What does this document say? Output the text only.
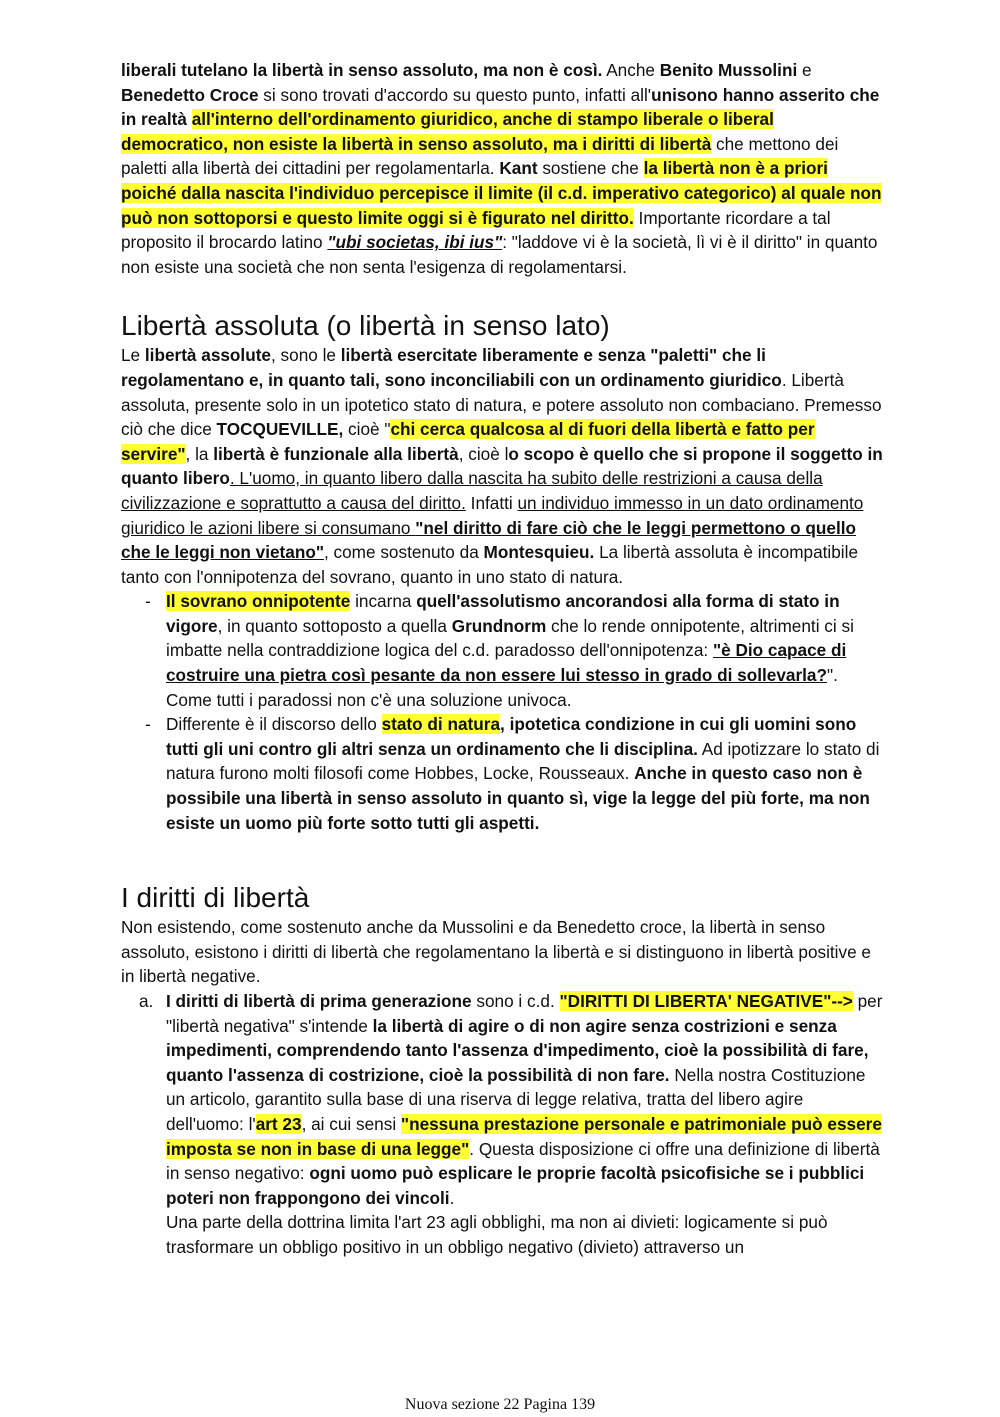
liberali tutelano la libertà in senso assoluto, ma non è così. Anche Benito Mussolini e Benedetto Croce si sono trovati d'accordo su questo punto, infatti all'unisono hanno asserito che in realtà all'interno dell'ordinamento giuridico, anche di stampo liberale o liberal democratico, non esiste la libertà in senso assoluto, ma i diritti di libertà che mettono dei paletti alla libertà dei cittadini per regolamentarla. Kant sostiene che la libertà non è a priori poiché dalla nascita l'individuo percepisce il limite (il c.d. imperativo categorico) al quale non può non sottoporsi e questo limite oggi si è figurato nel diritto. Importante ricordare a tal proposito il brocardo latino "ubi societas, ibi ius": "laddove vi è la società, lì vi è il diritto" in quanto non esiste una società che non senta l'esigenza di regolamentarsi.

Libertà assoluta (o libertà in senso lato)

Le libertà assolute, sono le libertà esercitate liberamente e senza "paletti" che li regolamentano e, in quanto tali, sono inconciliabili con un ordinamento giuridico. Libertà assoluta, presente solo in un ipotetico stato di natura, e potere assoluto non combaciano. Premesso ciò che dice TOCQUEVILLE, cioè "chi cerca qualcosa al di fuori della libertà e fatto per servire", la libertà è funzionale alla libertà, cioè lo scopo è quello che si propone il soggetto in quanto libero. L'uomo, in quanto libero dalla nascita ha subito delle restrizioni a causa della civilizzazione e soprattutto a causa del diritto. Infatti un individuo immesso in un dato ordinamento giuridico le azioni libere si consumano "nel diritto di fare ciò che le leggi permettono o quello che le leggi non vietano", come sostenuto da Montesquieu. La libertà assoluta è incompatibile tanto con l'onnipotenza del sovrano, quanto in uno stato di natura.

- Il sovrano onnipotente incarna quell'assolutismo ancorandosi alla forma di stato in vigore, in quanto sottoposto a quella Grundnorm che lo rende onnipotente, altrimenti ci si imbatte nella contraddizione logica del c.d. paradosso dell'onnipotenza: "è Dio capace di costruire una pietra così pesante da non essere lui stesso in grado di sollevarla?". Come tutti i paradossi non c'è una soluzione univoca.

- Differente è il discorso dello stato di natura, ipotetica condizione in cui gli uomini sono tutti gli uni contro gli altri senza un ordinamento che li disciplina. Ad ipotizzare lo stato di natura furono molti filosofi come Hobbes, Locke, Rousseaux. Anche in questo caso non è possibile una libertà in senso assoluto in quanto sì, vige la legge del più forte, ma non esiste un uomo più forte sotto tutti gli aspetti.

I diritti di libertà

Non esistendo, come sostenuto anche da Mussolini e da Benedetto croce, la libertà in senso assoluto, esistono i diritti di libertà che regolamentano la libertà e si distinguono in libertà positive e in libertà negative.

a. I diritti di libertà di prima generazione sono i c.d. "DIRITTI DI LIBERTA' NEGATIVE"--> per "libertà negativa" s'intende la libertà di agire o di non agire senza costrizioni e senza impedimenti, comprendendo tanto l'assenza d'impedimento, cioè la possibilità di fare, quanto l'assenza di costrizione, cioè la possibilità di non fare. Nella nostra Costituzione un articolo, garantito sulla base di una riserva di legge relativa, tratta del libero agire dell'uomo: l'art 23, ai cui sensi "nessuna prestazione personale e patrimoniale può essere imposta se non in base di una legge". Questa disposizione ci offre una definizione di libertà in senso negativo: ogni uomo può esplicare le proprie facoltà psicofisiche se i pubblici poteri non frappongono dei vincoli.

Una parte della dottrina limita l'art 23 agli obblighi, ma non ai divieti: logicamente si può trasformare un obbligo positivo in un obbligo negativo (divieto) attraverso un

Nuova sezione 22 Pagina 139
